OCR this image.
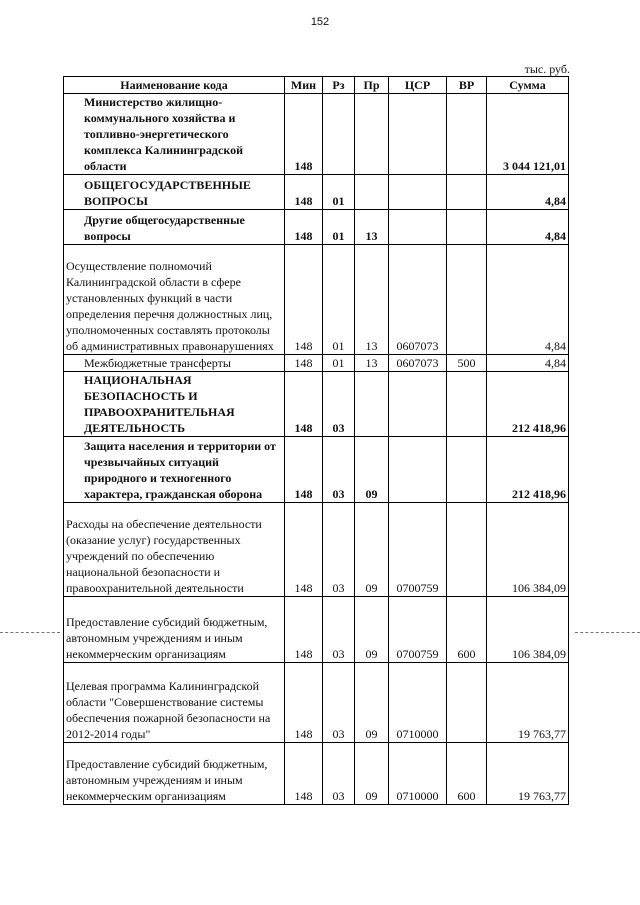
152
тыс. руб.
Наименование кода	Мин	Рз	Пр	ЦСР	ВР	Сумма

Министерство жилищно-коммунального хозяйства и топливно-энергетического комплекса Калининградской области	148					3 044 121,01

ОБЩЕГОСУДАРСТВЕННЫЕ ВОПРОСЫ	148	01				4,84

Другие общегосударственные вопросы	148	01	13			4,84
Осуществление полномочий Калининградской области в сфере установленных функций в части определения перечня должностных лиц, уполномоченных составлять протоколы об административных правонарушениях	148	01	13	0607073		4,84

Межбюджетные трансферты	148	01	13	0607073	500	4,84

НАЦИОНАЛЬНАЯ БЕЗОПАСНОСТЬ И ПРАВООХРАНИТЕЛЬНАЯ ДЕЯТЕЛЬНОСТЬ	148	03				212 418,96

Защита населения и территории от чрезвычайных ситуаций природного и техногенного характера, гражданская оборона	148	03	09			212 418,96
Расходы на обеспечение деятельности (оказание услуг) государственных учреждений по обеспечению национальной безопасности и правоохранительной деятельности	148	03	09	0700759		106 384,09

Предоставление субсидий бюджетным, автономным учреждениям и иным некоммерческим организациям	148	03	09	0700759	600	106 384,09
Целевая программа Калининградской области "Совершенствование системы обеспечения пожарной безопасности на 2012-2014 годы"	148	03	09	0710000		19 763,77
Предоставление субсидий бюджетным, автономным учреждениям и иным некоммерческим организациям	148	03	09	0710000	600	19 763,77
